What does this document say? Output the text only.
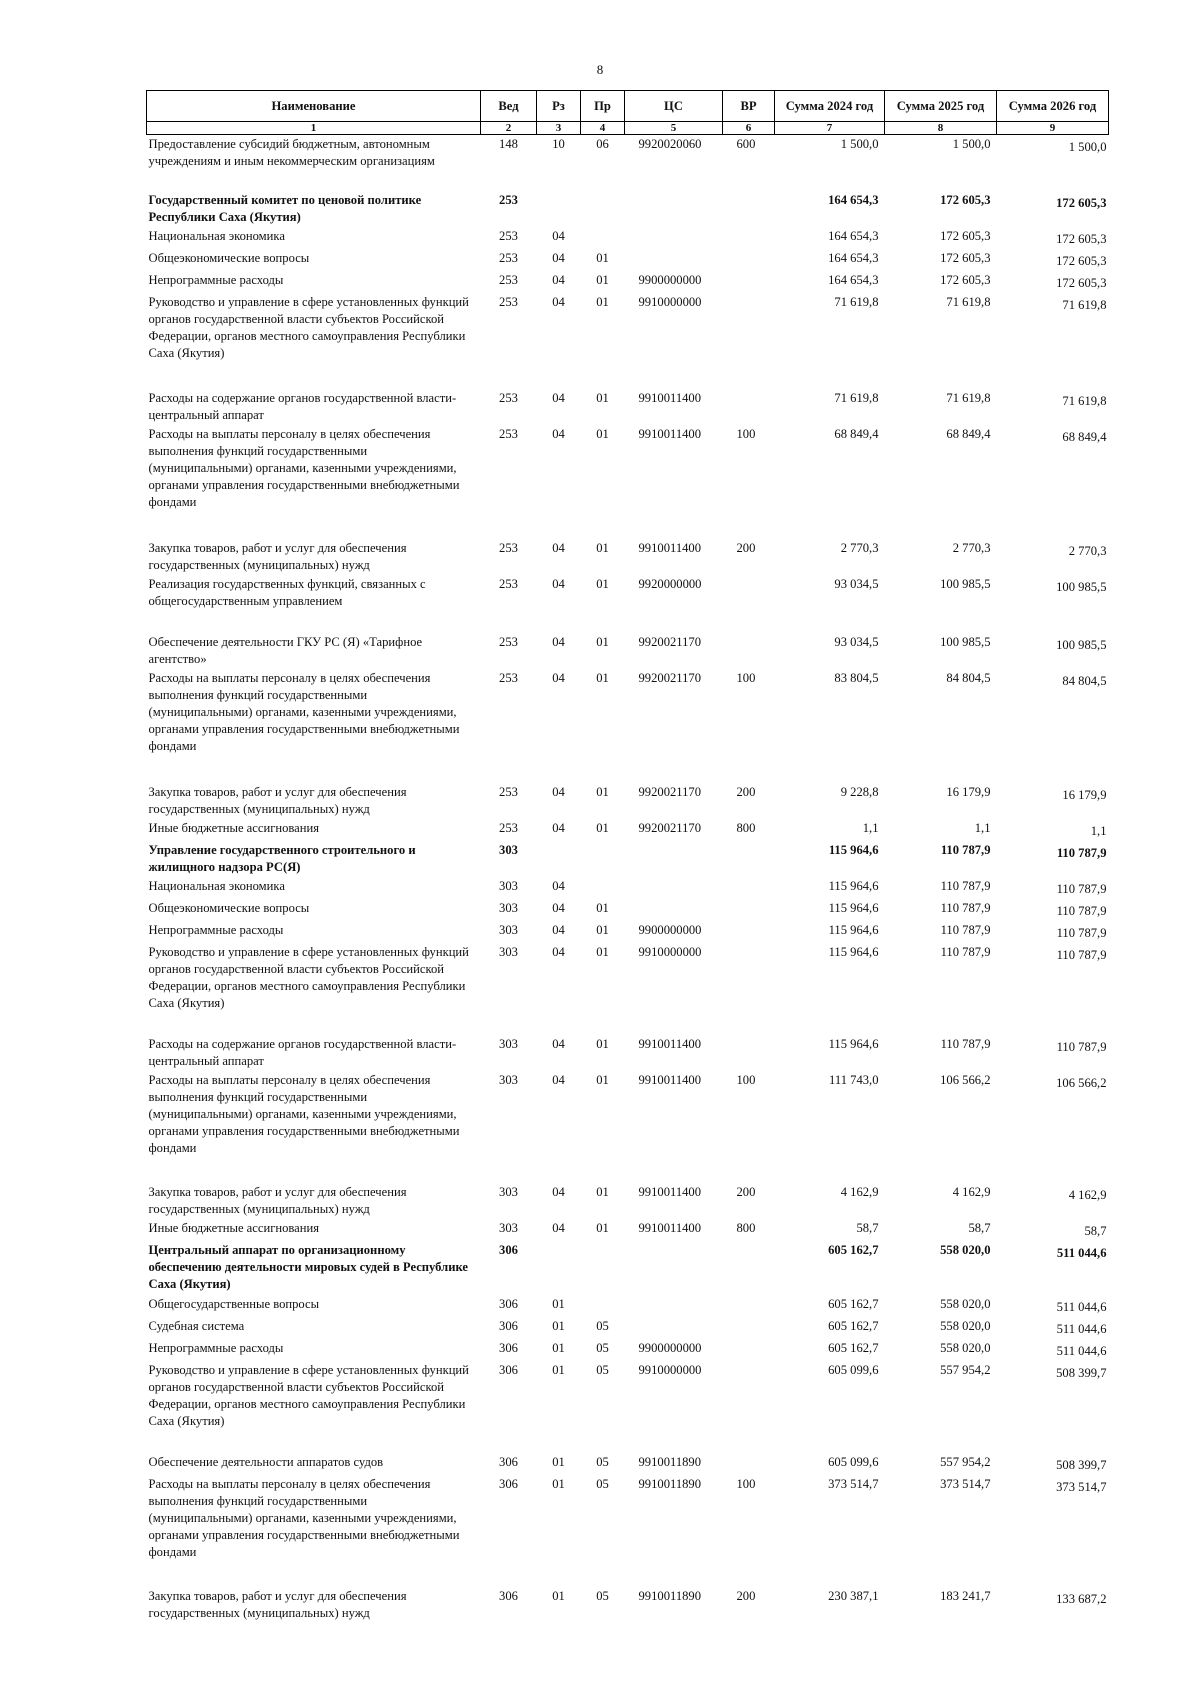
8
Наименование	Вед	Рз	Пр	ЦС	ВР	Сумма 2024 год	Сумма 2025 год	Сумма 2026 год
1	2	3	4	5	6	7	8	9
Предоставление субсидий бюджетным, автономным учреждениям и иным некоммерческим организациям	148	10	06	9920020060	600	1 500,0	1 500,0	1 500,0
Государственный комитет по ценовой политике Республики Саха (Якутия)	253					164 654,3	172 605,3	172 605,3
Национальная экономика	253	04				164 654,3	172 605,3	172 605,3
Общеэкономические вопросы	253	04	01			164 654,3	172 605,3	172 605,3
Непрограммные расходы	253	04	01	9900000000		164 654,3	172 605,3	172 605,3
Руководство и управление в сфере установленных функций органов государственной власти субъектов Российской Федерации, органов местного самоуправления Республики Саха (Якутия)	253	04	01	9910000000		71 619,8	71 619,8	71 619,8
Расходы на содержание органов государственной власти- центральный аппарат	253	04	01	9910011400		71 619,8	71 619,8	71 619,8
Расходы на выплаты персоналу в целях обеспечения выполнения функций государственными (муниципальными) органами, казенными учреждениями, органами управления государственными внебюджетными фондами	253	04	01	9910011400	100	68 849,4	68 849,4	68 849,4
Закупка товаров, работ и услуг для обеспечения государственных (муниципальных) нужд	253	04	01	9910011400	200	2 770,3	2 770,3	2 770,3
Реализация государственных функций, связанных с общегосударственным управлением	253	04	01	9920000000		93 034,5	100 985,5	100 985,5
Обеспечение деятельности ГКУ РС (Я) «Тарифное агентство»	253	04	01	9920021170		93 034,5	100 985,5	100 985,5
Расходы на выплаты персоналу в целях обеспечения выполнения функций государственными (муниципальными) органами, казенными учреждениями, органами управления государственными внебюджетными фондами	253	04	01	9920021170	100	83 804,5	84 804,5	84 804,5
Закупка товаров, работ и услуг для обеспечения государственных (муниципальных) нужд	253	04	01	9920021170	200	9 228,8	16 179,9	16 179,9
Иные бюджетные ассигнования	253	04	01	9920021170	800	1,1	1,1	1,1
Управление государственного строительного и жилищного надзора РС(Я)	303					115 964,6	110 787,9	110 787,9
Национальная экономика	303	04				115 964,6	110 787,9	110 787,9
Общеэкономические вопросы	303	04	01			115 964,6	110 787,9	110 787,9
Непрограммные расходы	303	04	01	9900000000		115 964,6	110 787,9	110 787,9
Руководство и управление в сфере установленных функций органов государственной власти субъектов Российской Федерации, органов местного самоуправления Республики Саха (Якутия)	303	04	01	9910000000		115 964,6	110 787,9	110 787,9
Расходы на содержание органов государственной власти- центральный аппарат	303	04	01	9910011400		115 964,6	110 787,9	110 787,9
Расходы на выплаты персоналу в целях обеспечения выполнения функций государственными (муниципальными) органами, казенными учреждениями, органами управления государственными внебюджетными фондами	303	04	01	9910011400	100	111 743,0	106 566,2	106 566,2
Закупка товаров, работ и услуг для обеспечения государственных (муниципальных) нужд	303	04	01	9910011400	200	4 162,9	4 162,9	4 162,9
Иные бюджетные ассигнования	303	04	01	9910011400	800	58,7	58,7	58,7
Центральный аппарат по организационному обеспечению деятельности мировых судей в Республике Саха (Якутия)	306					605 162,7	558 020,0	511 044,6
Общегосударственные вопросы	306	01				605 162,7	558 020,0	511 044,6
Судебная система	306	01	05			605 162,7	558 020,0	511 044,6
Непрограммные расходы	306	01	05	9900000000		605 162,7	558 020,0	511 044,6
Руководство и управление в сфере установленных функций органов государственной власти субъектов Российской Федерации, органов местного самоуправления Республики Саха (Якутия)	306	01	05	9910000000		605 099,6	557 954,2	508 399,7
Обеспечение деятельности аппаратов судов	306	01	05	9910011890		605 099,6	557 954,2	508 399,7
Расходы на выплаты персоналу в целях обеспечения выполнения функций государственными (муниципальными) органами, казенными учреждениями, органами управления государственными внебюджетными фондами	306	01	05	9910011890	100	373 514,7	373 514,7	373 514,7
Закупка товаров, работ и услуг для обеспечения государственных (муниципальных) нужд	306	01	05	9910011890	200	230 387,1	183 241,7	133 687,2
